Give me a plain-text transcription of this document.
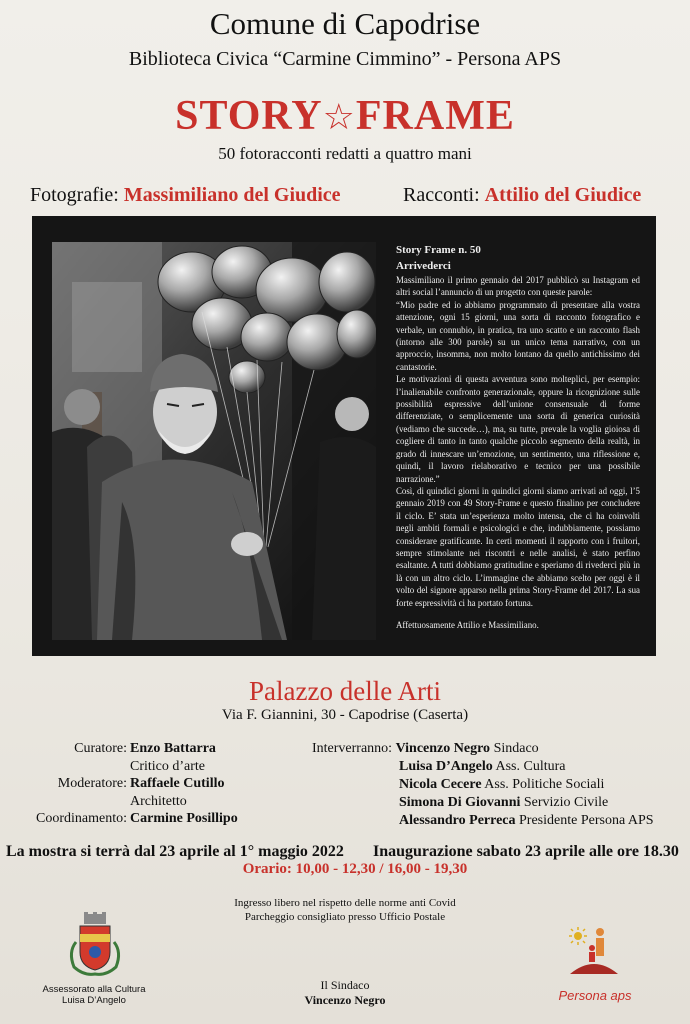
Comune di Capodrise
Biblioteca Civica “Carmine Cimmino” - Persona APS
STORY☆FRAME
50 fotoracconti redatti a quattro mani
Fotografie: Massimiliano del Giudice	Racconti: Attilio del Giudice
Story Frame n. 50
Arrivederci

Massimiliano il primo gennaio del 2017 pubblicò su Instagram ed altri social l’annuncio di un progetto con queste parole:

“Mio padre ed io abbiamo programmato di presentare alla vostra attenzione, ogni 15 giorni, una sorta di racconto fotografico e verbale, un connubio, in pratica, tra uno scatto e un racconto flash (intorno alle 300 parole) su un unico tema narrativo, con un approccio, insomma, non molto lontano da quello antichissimo dei cantastorie.

Le motivazioni di questa avventura sono molteplici, per esempio: l’inalienabile confronto generazionale, oppure la ricognizione sulle possibilità espressive dell’unione consensuale di forme differenziate, o semplicemente una sorta di generica curiosità (vediamo che succede…), ma, su tutte, prevale la voglia gioiosa di cogliere di tanto in tanto qualche piccolo segmento della realtà, in grado di innescare un’emozione, un sentimento, una riflessione e, quindi, il lavoro rielaborativo e tecnico per una possibile narrazione.”

Così, di quindici giorni in quindici giorni siamo arrivati ad oggi, l’5 gennaio 2019 con 49 Story-Frame e questo finalino per concludere il ciclo. E’ stata un’esperienza molto intensa, che ci ha coinvolti negli ambiti formali e psicologici e che, indubbiamente, possiamo considerare gratificante. In certi momenti il rapporto con i fruitori, sempre stimolante nei riscontri e nelle analisi, è stato perfino esaltante. A tutti dobbiamo gratitudine e speriamo di rivederci più in là con un altro ciclo. L’immagine che abbiamo scelto per oggi è il volto del signore apparso nella prima Story-Frame del 2017. La sua forte espressività ci ha portato fortuna.

Affettuosamente Attilio e Massimiliano.

Palazzo delle Arti
Via F. Giannini, 30 - Capodrise (Caserta)
Curatore: Enzo Battarra
Critico d’arte
Moderatore: Raffaele Cutillo
Architetto
Coordinamento: Carmine Posillipo
Interverranno: Vincenzo Negro Sindaco
Luisa D’Angelo Ass. Cultura
Nicola Cecere Ass. Politiche Sociali
Simona Di Giovanni Servizio Civile
Alessandro Perreca Presidente Persona APS
La mostra si terrà dal 23 aprile al 1° maggio 2022 Inaugurazione sabato 23 aprile alle ore 18.30
Orario: 10,00 - 12,30 / 16,00 - 19,30
Ingresso libero nel rispetto delle norme anti Covid
Parcheggio consigliato presso Ufficio Postale
Assessorato alla Cultura
Luisa D’Angelo
Il Sindaco
Vincenzo Negro	Persona aps
